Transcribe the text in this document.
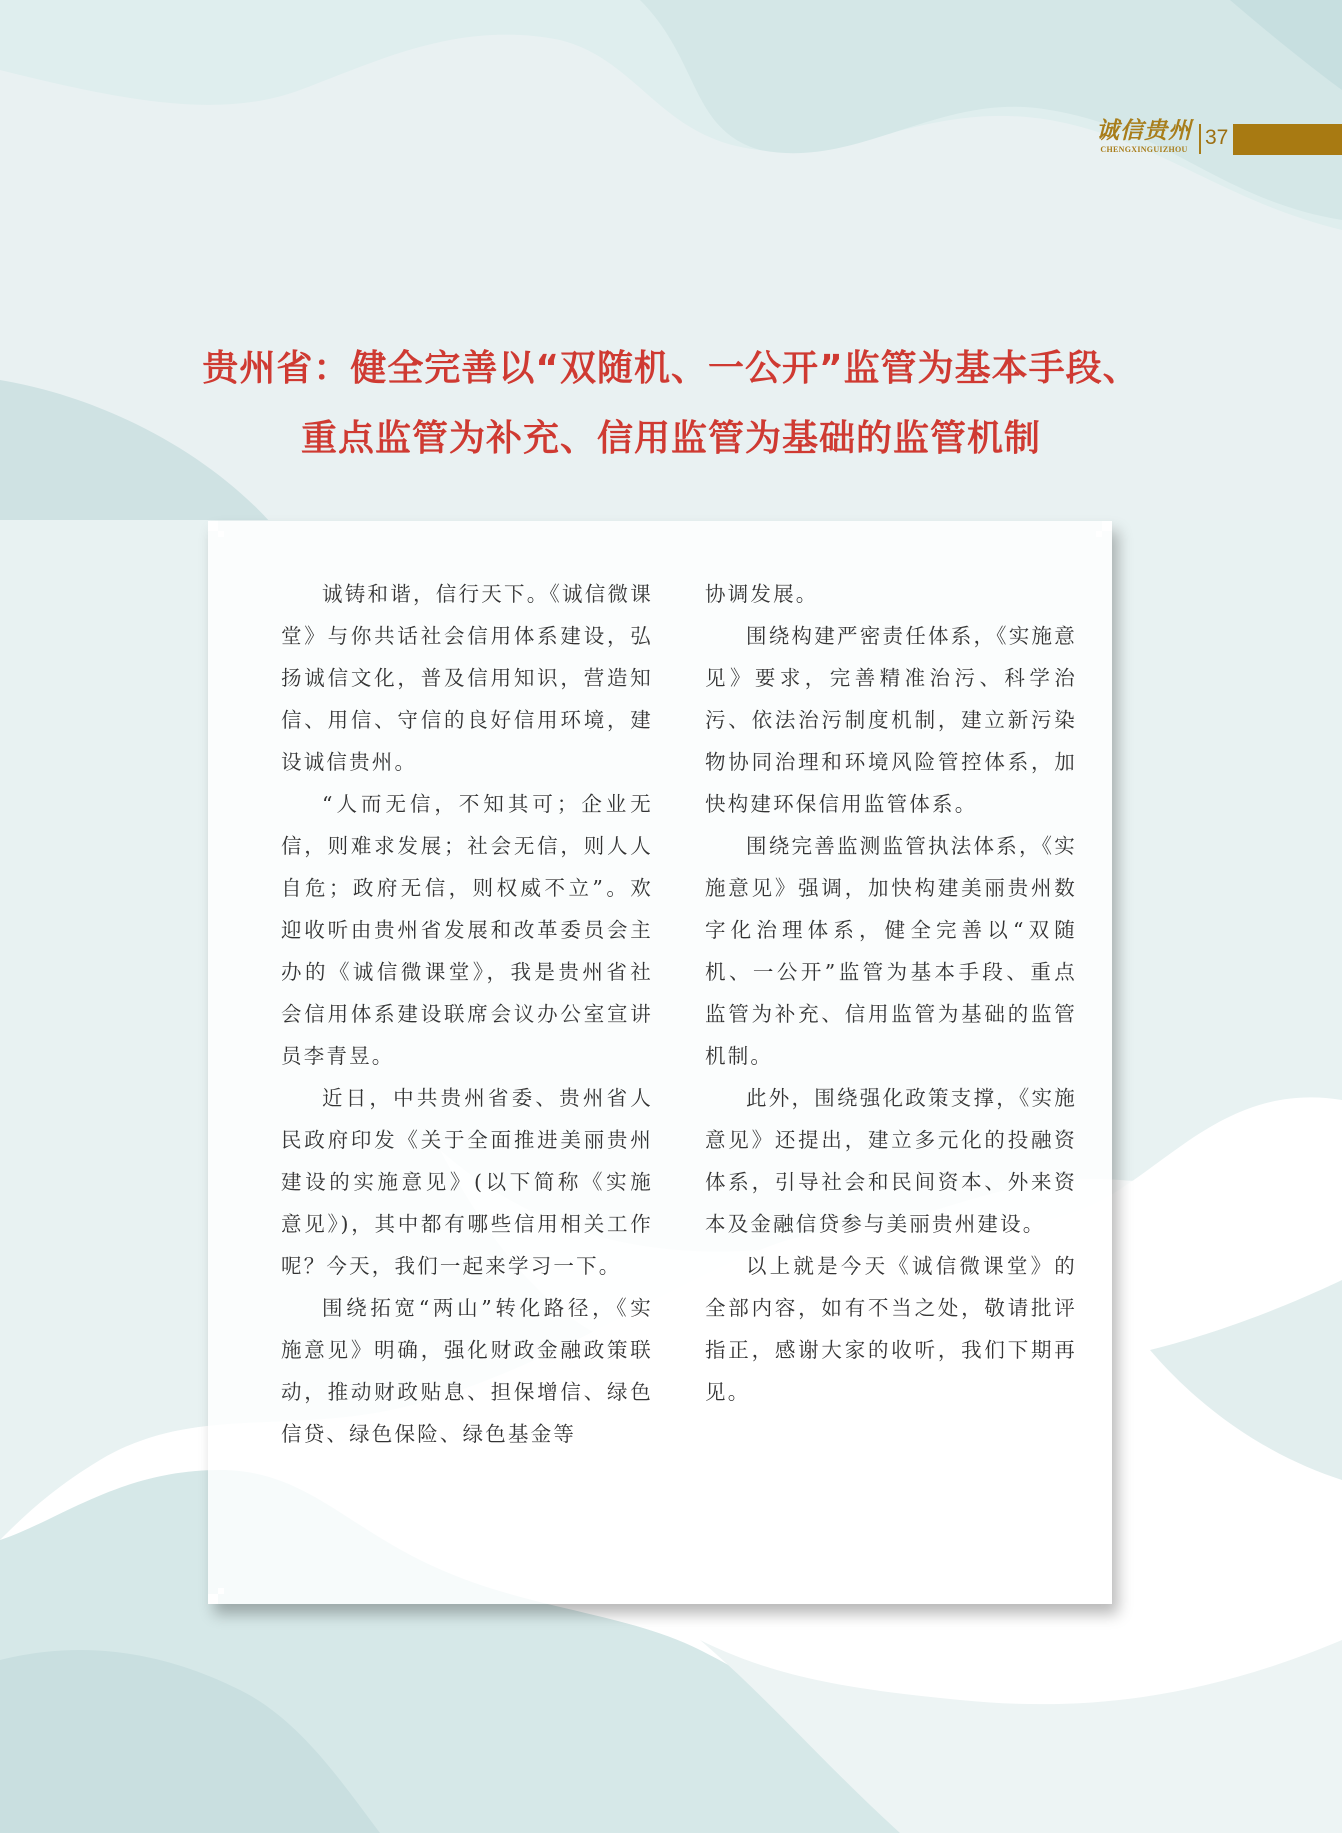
诚信贵州
CHENGXINGUIZHOU
37
贵州省：健全完善以“双随机、一公开”监管为基本手段、
重点监管为补充、信用监管为基础的监管机制

诚铸和谐，信行天下。《诚信微课堂》与你共话社会信用体系建设，弘扬诚信文化，普及信用知识，营造知信、用信、守信的良好信用环境，建设诚信贵州。

“人而无信，不知其可；企业无信，则难求发展；社会无信，则人人自危；政府无信，则权威不立”。欢迎收听由贵州省发展和改革委员会主办的《诚信微课堂》，我是贵州省社会信用体系建设联席会议办公室宣讲员李青昱。

近日，中共贵州省委、贵州省人民政府印发《关于全面推进美丽贵州建设的实施意见》(以下简称《实施意见》)，其中都有哪些信用相关工作呢？今天，我们一起来学习一下。

围绕拓宽“两山”转化路径，《实施意见》明确，强化财政金融政策联动，推动财政贴息、担保增信、绿色信贷、绿色保险、绿色基金等

协调发展。

围绕构建严密责任体系，《实施意见》要求，完善精准治污、科学治污、依法治污制度机制，建立新污染物协同治理和环境风险管控体系，加快构建环保信用监管体系。

围绕完善监测监管执法体系，《实施意见》强调，加快构建美丽贵州数字化治理体系，健全完善以“双随机、一公开”监管为基本手段、重点监管为补充、信用监管为基础的监管机制。

此外，围绕强化政策支撑，《实施意见》还提出，建立多元化的投融资体系，引导社会和民间资本、外来资本及金融信贷参与美丽贵州建设。

以上就是今天《诚信微课堂》的全部内容，如有不当之处，敬请批评指正，感谢大家的收听，我们下期再见。
